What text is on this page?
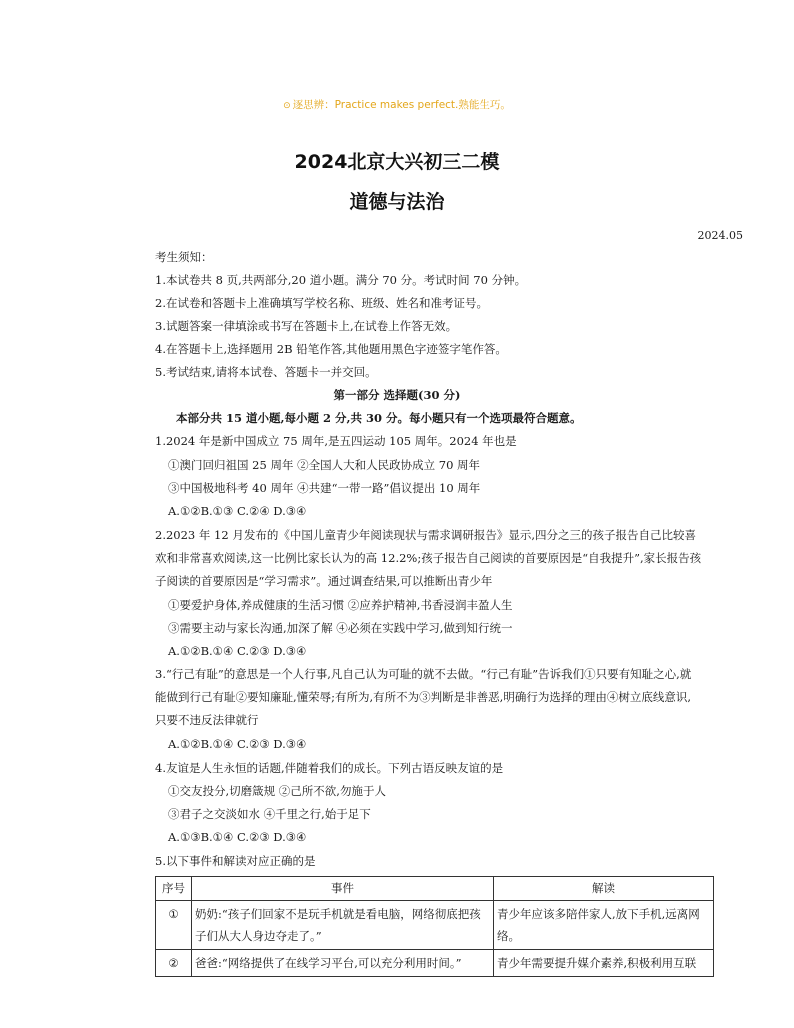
⊙ 逐思辨：Practice makes perfect.熟能生巧。
2024北京大兴初三二模
道德与法治
2024.05
考生须知：
1.本试卷共 8 页,共两部分,20 道小题。满分 70 分。考试时间 70 分钟。
2.在试卷和答题卡上准确填写学校名称、班级、姓名和准考证号。
3.试题答案一律填涂或书写在答题卡上,在试卷上作答无效。
4.在答题卡上,选择题用 2B 铅笔作答,其他题用黑色字迹签字笔作答。
5.考试结束,请将本试卷、答题卡一并交回。
第一部分 选择题(30 分)
本部分共 15 道小题,每小题 2 分,共 30 分。每小题只有一个选项最符合题意。
1.2024 年是新中国成立 75 周年,是五四运动 105 周年。2024 年也是
①澳门回归祖国 25 周年 ②全国人大和人民政协成立 70 周年
③中国极地科考 40 周年 ④共建“一带一路”倡议提出 10 周年
A.①②B.①③ C.②④ D.③④
2.2023 年 12 月发布的《中国儿童青少年阅读现状与需求调研报告》显示,四分之三的孩子报告自己比较喜
欢和非常喜欢阅读,这一比例比家长认为的高 12.2%;孩子报告自己阅读的首要原因是“自我提升”,家长报告孩
子阅读的首要原因是“学习需求”。通过调查结果,可以推断出青少年
①要爱护身体,养成健康的生活习惯 ②应养护精神,书香浸润丰盈人生
③需要主动与家长沟通,加深了解 ④必须在实践中学习,做到知行统一
A.①②B.①④ C.②③ D.③④
3.“行己有耻”的意思是一个人行事,凡自己认为可耻的就不去做。“行己有耻”告诉我们①只要有知耻之心,就
能做到行己有耻②要知廉耻,懂荣辱;有所为,有所不为③判断是非善恶,明确行为选择的理由④树立底线意识,
只要不违反法律就行
A.①②B.①④ C.②③ D.③④
4.友谊是人生永恒的话题,伴随着我们的成长。下列古语反映友谊的是
①交友投分,切磨箴规 ②己所不欲,勿施于人
③君子之交淡如水 ④千里之行,始于足下
A.①③B.①④ C.②③ D.③④
5.以下事件和解读对应正确的是
序号	事件	解读
①	奶奶:“孩子们回家不是玩手机就是看电脑，网络彻底把孩子们从大人身边夺走了。”	青少年应该多陪伴家人,放下手机,远离网络。
②	爸爸:“网络提供了在线学习平台,可以充分利用时间。”	青少年需要提升媒介素养,积极利用互联
